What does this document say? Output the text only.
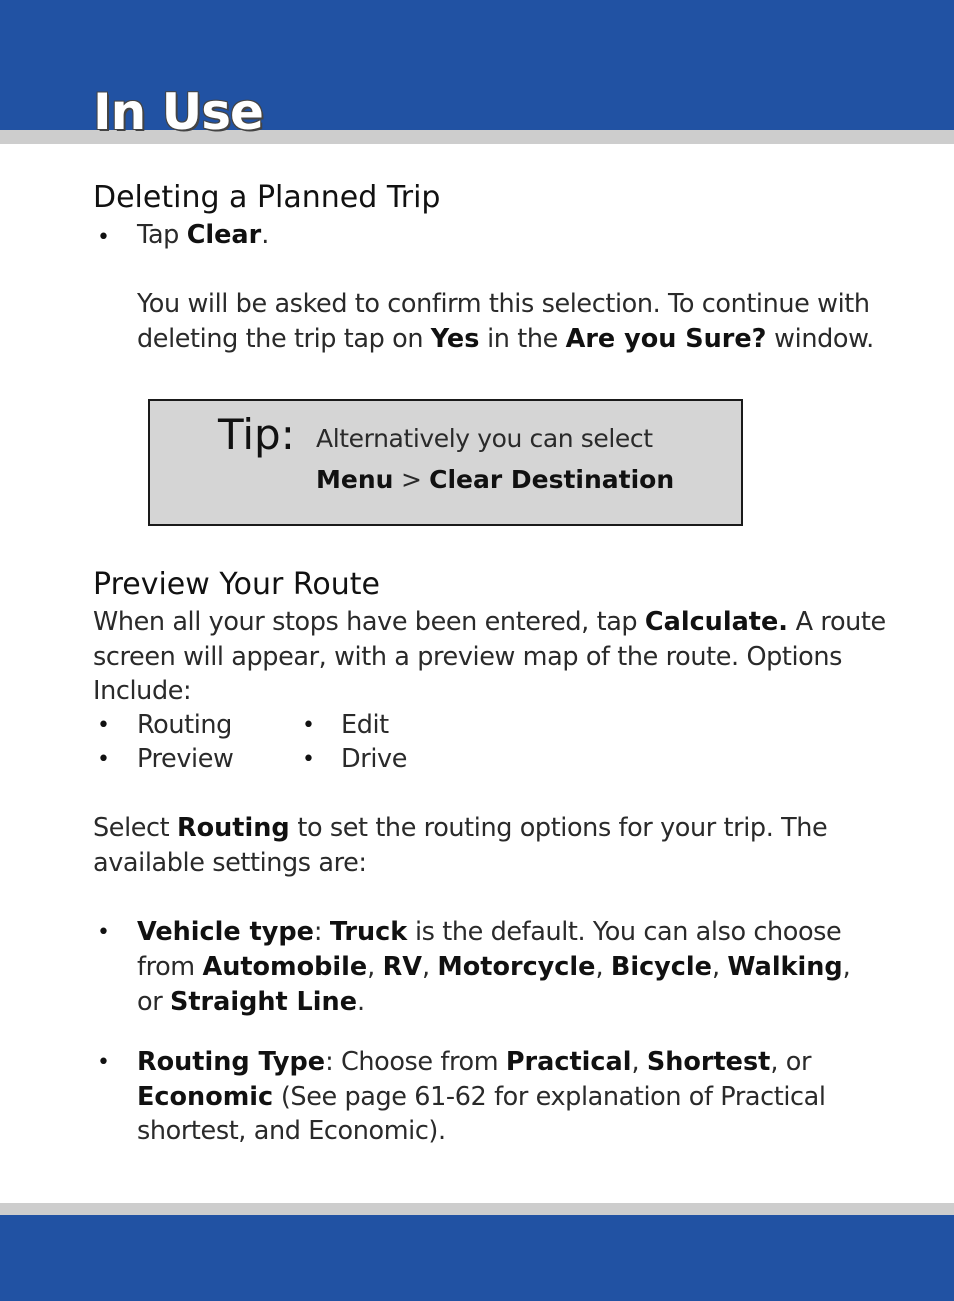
In Use
Deleting a Planned Trip
• Tap Clear.

You will be asked to confirm this selection. To continue with

deleting the trip tap on Yes in the Are you Sure? window.

Tip: Alternatively you can select

Menu > Clear Destination

Preview Your Route

When all your stops have been entered, tap Calculate. A route

screen will appear, with a preview map of the route. Options

Include:

• Routing	• Edit

• Preview	• Drive

Select Routing to set the routing options for your trip. The

available settings are:

• Vehicle type: Truck is the default. You can also choose

from Automobile, RV, Motorcycle, Bicycle, Walking,

or Straight Line.

• Routing Type: Choose from Practical, Shortest, or

Economic (See page 61-62 for explanation of Practical

shortest, and Economic).
